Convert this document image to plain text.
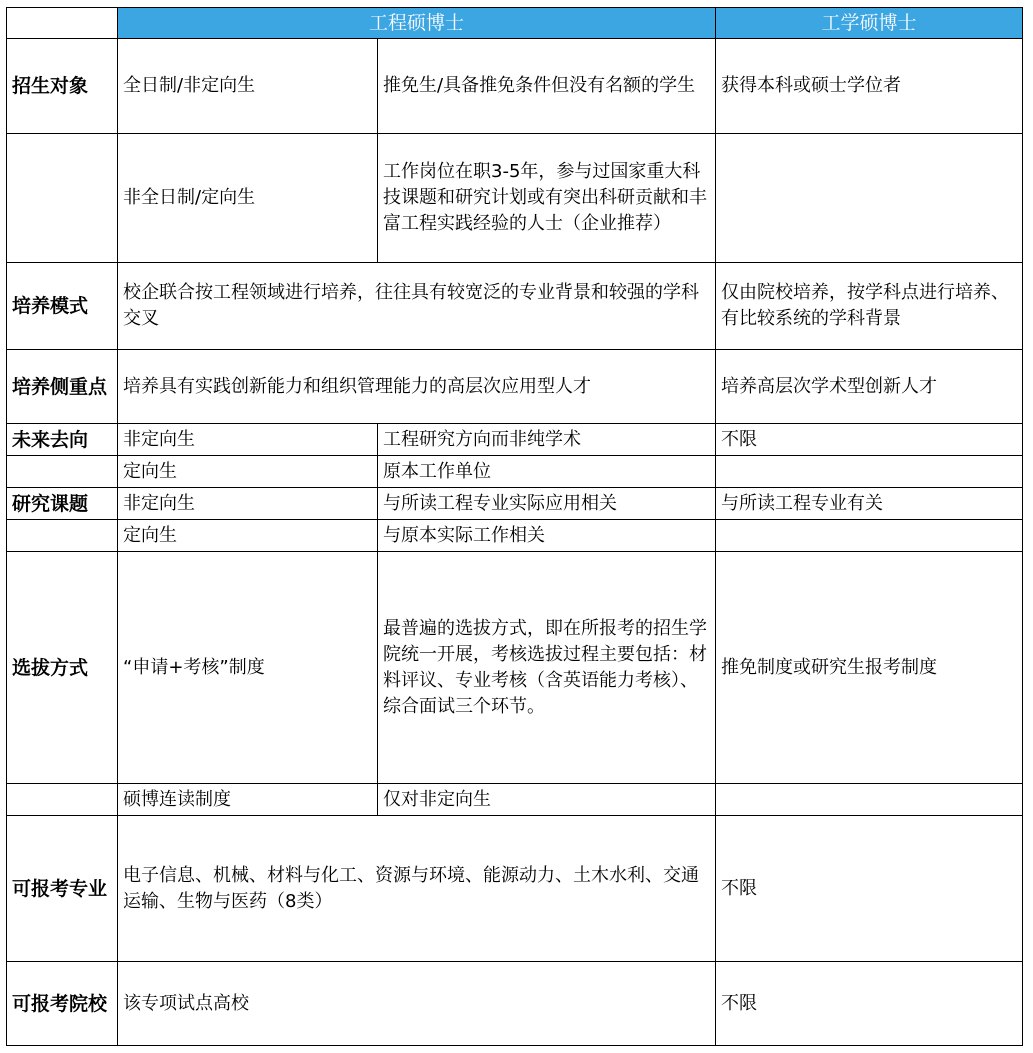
	工程硕博士		工学硕博士
招生对象	全日制/非定向生	推免生/具备推免条件但没有名额的学生	获得本科或硕士学位者
	非全日制/定向生	工作岗位在职3-5年，参与过国家重大科技课题和研究计划或有突出科研贡献和丰富工程实践经验的人士（企业推荐）	
培养模式	校企联合按工程领域进行培养，往往具有较宽泛的专业背景和较强的学科交叉		仅由院校培养，按学科点进行培养、有比较系统的学科背景
培养侧重点	培养具有实践创新能力和组织管理能力的高层次应用型人才		培养高层次学术型创新人才
未来去向	非定向生	工程研究方向而非纯学术	不限
	定向生	原本工作单位	
研究课题	非定向生	与所读工程专业实际应用相关	与所读工程专业有关
	定向生	与原本实际工作相关	
选拔方式	“申请+考核”制度	最普遍的选拔方式，即在所报考的招生学院统一开展，考核选拔过程主要包括：材料评议、专业考核（含英语能力考核）、综合面试三个环节。	推免制度或研究生报考制度
	硕博连读制度	仅对非定向生	
可报考专业	电子信息、机械、材料与化工、资源与环境、能源动力、土木水利、交通运输、生物与医药（8类）		不限
可报考院校	该专项试点高校		不限
